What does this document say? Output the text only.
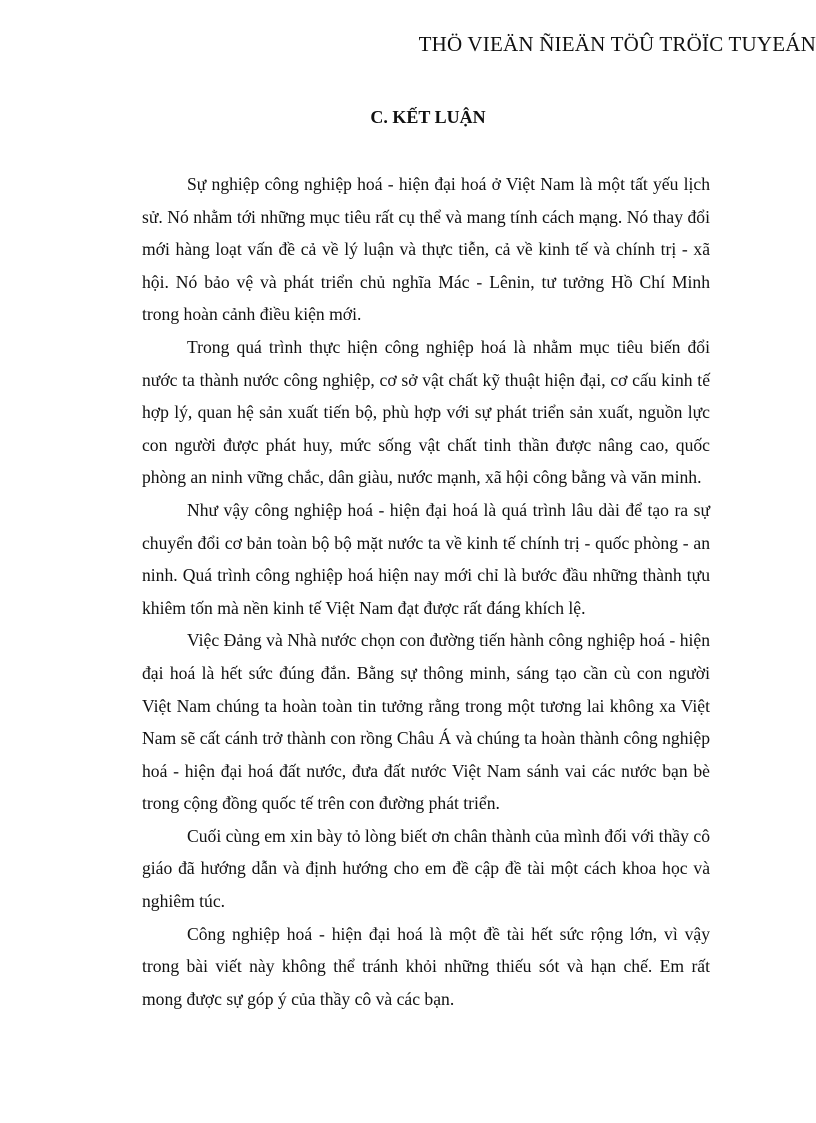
THÖ VIEÄN ÑIEÄN TÖÛ TRÖÏC TUYEÁN
C. KẾT LUẬN

Sự nghiệp công nghiệp hoá - hiện đại hoá ở Việt Nam là một tất yếu lịch sử. Nó nhằm tới những mục tiêu rất cụ thể và mang tính cách mạng. Nó thay đổi mới hàng loạt vấn đề cả về lý luận và thực tiễn, cả về kinh tế và chính trị - xã hội. Nó bảo vệ và phát triển chủ nghĩa Mác - Lênin, tư tưởng Hồ Chí Minh trong hoàn cảnh điều kiện mới.

Trong quá trình thực hiện công nghiệp hoá là nhằm mục tiêu biến đổi nước ta thành nước công nghiệp, cơ sở vật chất kỹ thuật hiện đại, cơ cấu kinh tế hợp lý, quan hệ sản xuất tiến bộ, phù hợp với sự phát triển sản xuất, nguồn lực con người được phát huy, mức sống vật chất tinh thần được nâng cao, quốc phòng an ninh vững chắc, dân giàu, nước mạnh, xã hội công bằng và văn minh.

Như vậy công nghiệp hoá - hiện đại hoá là quá trình lâu dài để tạo ra sự chuyển đổi cơ bản toàn bộ bộ mặt nước ta về kinh tế chính trị - quốc phòng - an ninh. Quá trình công nghiệp hoá hiện nay mới chỉ là bước đầu những thành tựu khiêm tốn mà nền kinh tế Việt Nam đạt được rất đáng khích lệ.

Việc Đảng và Nhà nước chọn con đường tiến hành công nghiệp hoá - hiện đại hoá là hết sức đúng đắn. Bằng sự thông minh, sáng tạo cần cù con người Việt Nam chúng ta hoàn toàn tin tưởng rằng trong một tương lai không xa Việt Nam sẽ cất cánh trở thành con rồng Châu Á và chúng ta hoàn thành công nghiệp hoá - hiện đại hoá đất nước, đưa đất nước Việt Nam sánh vai các nước bạn bè trong cộng đồng quốc tế trên con đường phát triển.

Cuối cùng em xin bày tỏ lòng biết ơn chân thành của mình đối với thầy cô giáo đã hướng dẫn và định hướng cho em đề cập đề tài một cách khoa học và nghiêm túc.

Công nghiệp hoá - hiện đại hoá là một đề tài hết sức rộng lớn, vì vậy trong bài viết này không thể tránh khỏi những thiếu sót và hạn chế. Em rất mong được sự góp ý của thầy cô và các bạn.
